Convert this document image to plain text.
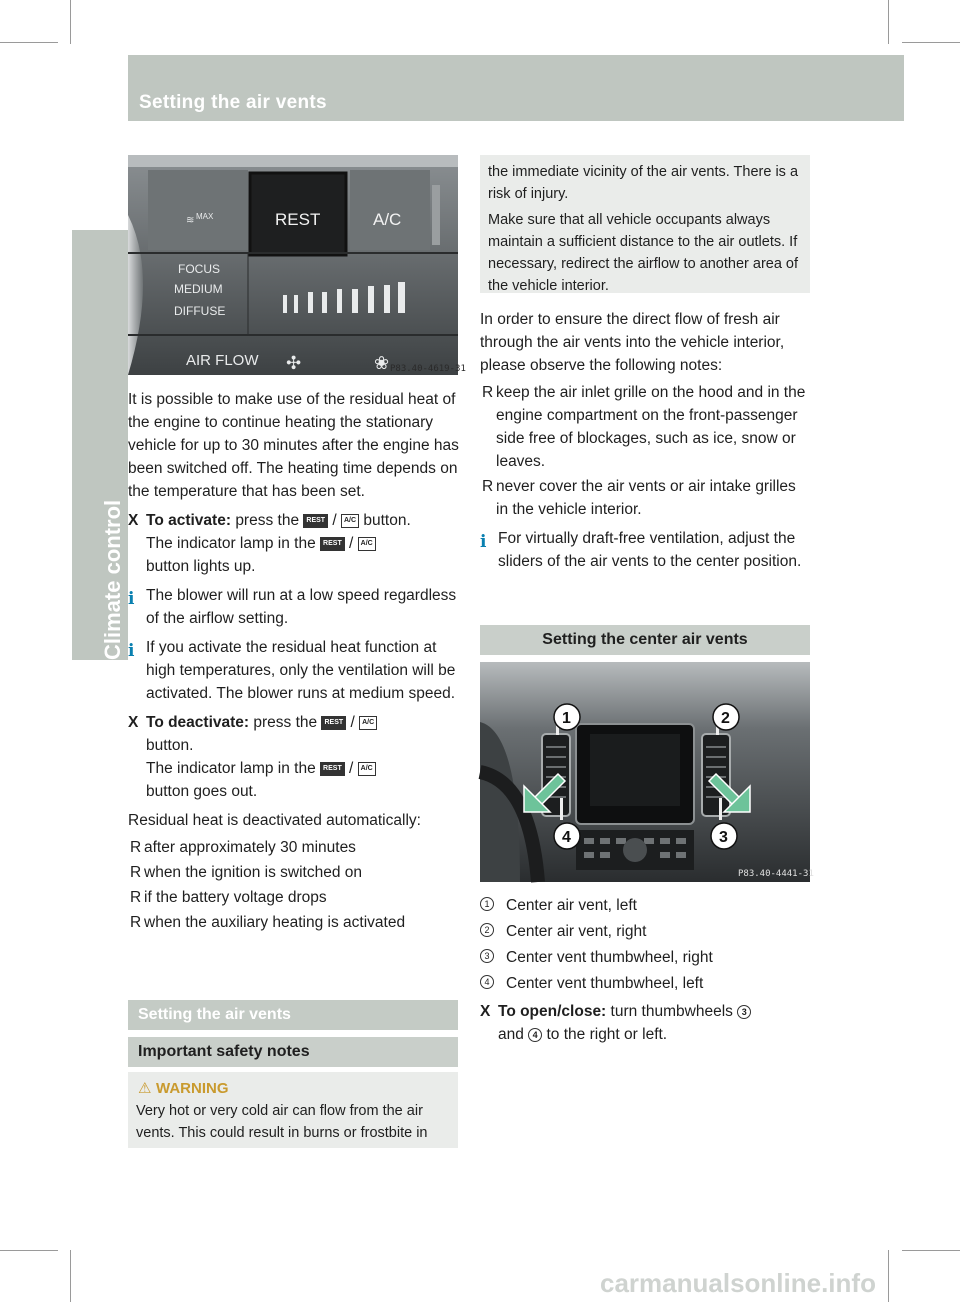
158 Setting the air vents
Climate control
≋ MAX	REST	A/C
FOCUS
MEDIUM
DIFFUSE
AIR FLOW ✣	❀ P83.40-4619-31

It is possible to make use of the residual heat of the engine to continue heating the stationary vehicle for up to 30 minutes after the engine has been switched off. The heating time depends on the temperature that has been set.

X To activate: press the REST / A/C button.
The indicator lamp in the REST / A/C
button lights up.
i The blower will run at a low speed regardless of the airflow setting.
i If you activate the residual heat function at high temperatures, only the ventilation will be activated. The blower runs at medium speed.
X To deactivate: press the REST / A/C
button.
The indicator lamp in the REST / A/C
button goes out.

Residual heat is deactivated automatically:

R after approximately 30 minutes
R when the ignition is switched on
R if the battery voltage drops
R when the auxiliary heating is activated
Setting the air vents
Important safety notes
⚠ WARNING

Very hot or very cold air can flow from the air vents. This could result in burns or frostbite in

the immediate vicinity of the air vents. There is a risk of injury.

Make sure that all vehicle occupants always maintain a sufficient distance to the air outlets. If necessary, redirect the airflow to another area of the vehicle interior.

In order to ensure the direct flow of fresh air through the air vents into the vehicle interior, please observe the following notes:

R keep the air inlet grille on the hood and in the engine compartment on the front-passenger side free of blockages, such as ice, snow or leaves.
R never cover the air vents or air intake grilles in the vehicle interior.
i For virtually draft-free ventilation, adjust the sliders of the air vents to the center position.
Setting the center air vents
1	2
3
4
P83.40-4441-31
1 Center air vent, left
2 Center air vent, right
3 Center vent thumbwheel, right
4 Center vent thumbwheel, left
X To open/close: turn thumbwheels 3
and 4 to the right or left.
carmanualsonline.info
